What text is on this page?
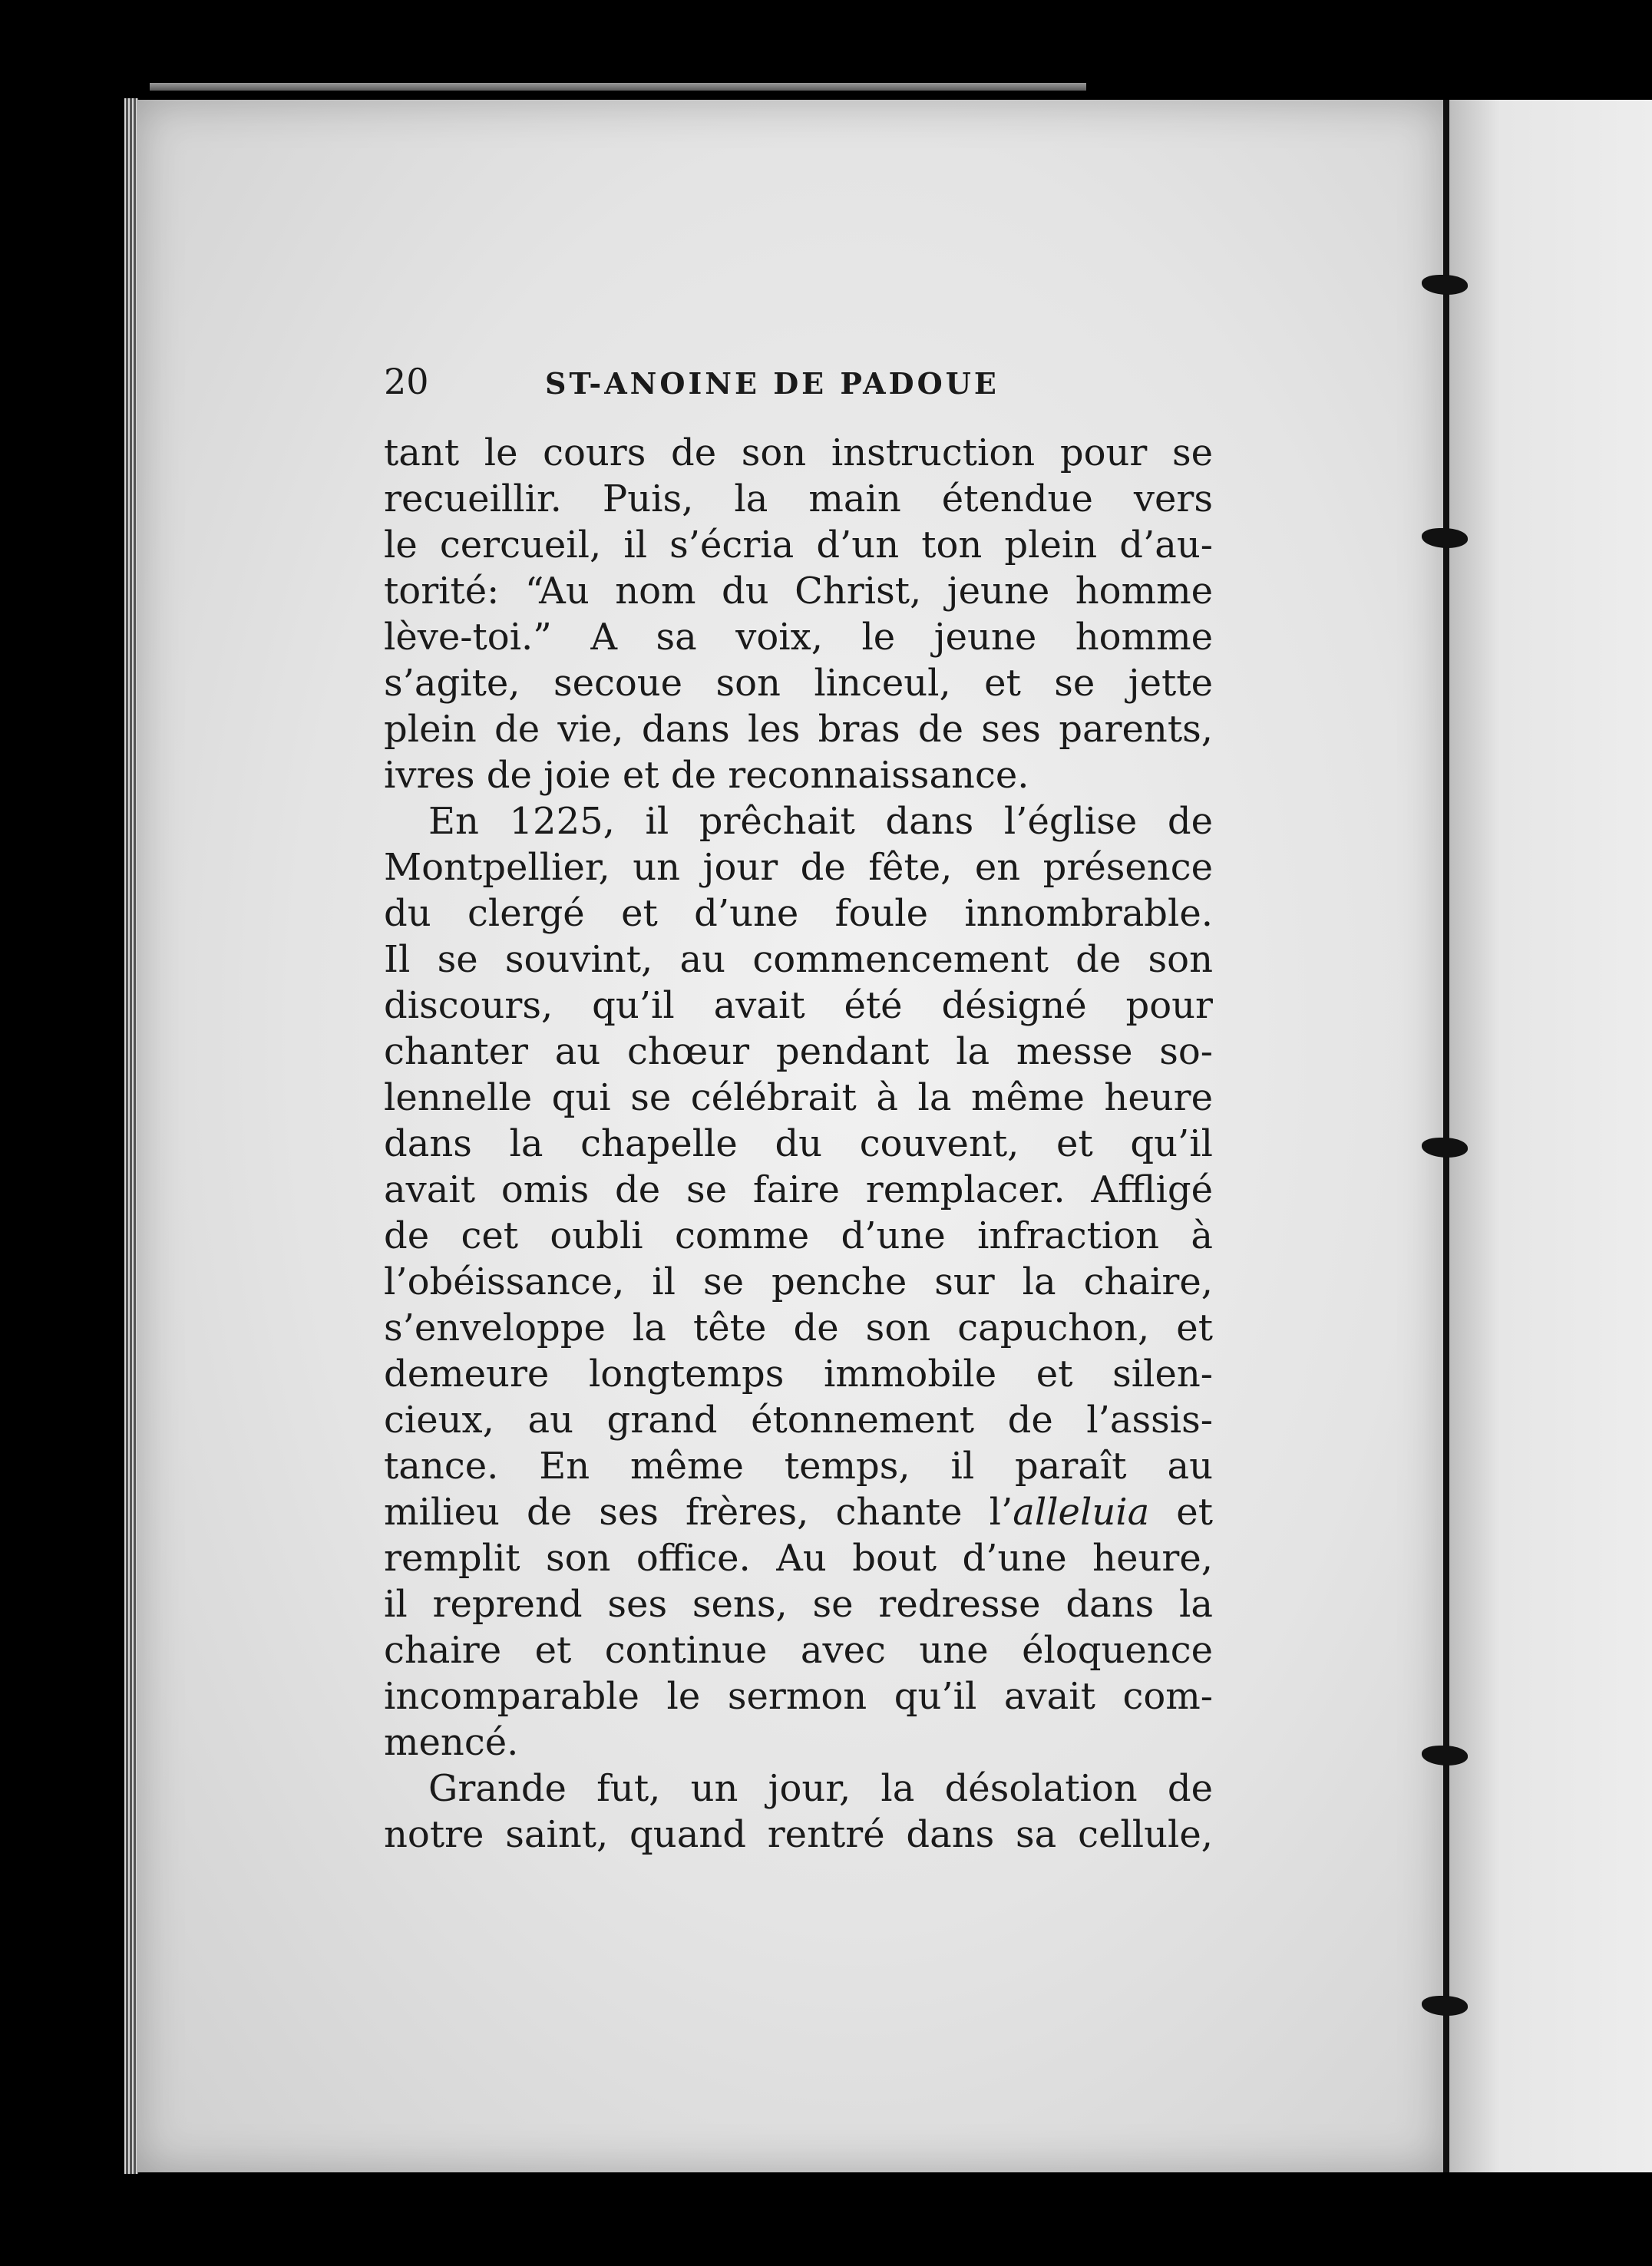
20	ST-ANOINE DE PADOUE
tant le cours de son instruction pour se
recueillir. Puis, la main étendue vers
le cercueil, il s’écria d’un ton plein d’au-
torité: “Au nom du Christ, jeune homme
lève-toi.” A sa voix, le jeune homme
s’agite, secoue son linceul, et se jette
plein de vie, dans les bras de ses parents,
ivres de joie et de reconnaissance.
En 1225, il prêchait dans l’église de
Montpellier, un jour de fête, en présence
du clergé et d’une foule innombrable.
Il se souvint, au commencement de son
discours, qu’il avait été désigné pour
chanter au chœur pendant la messe so-
lennelle qui se célébrait à la même heure
dans la chapelle du couvent, et qu’il
avait omis de se faire remplacer. Affligé
de cet oubli comme d’une infraction à
l’obéissance, il se penche sur la chaire,
s’enveloppe la tête de son capuchon, et
demeure longtemps immobile et silen-
cieux, au grand étonnement de l’assis-
tance. En même temps, il paraît au
milieu de ses frères, chante l’alleluia et
remplit son office. Au bout d’une heure,
il reprend ses sens, se redresse dans la
chaire et continue avec une éloquence
incomparable le sermon qu’il avait com-
mencé.
Grande fut, un jour, la désolation de
notre saint, quand rentré dans sa cellule,
